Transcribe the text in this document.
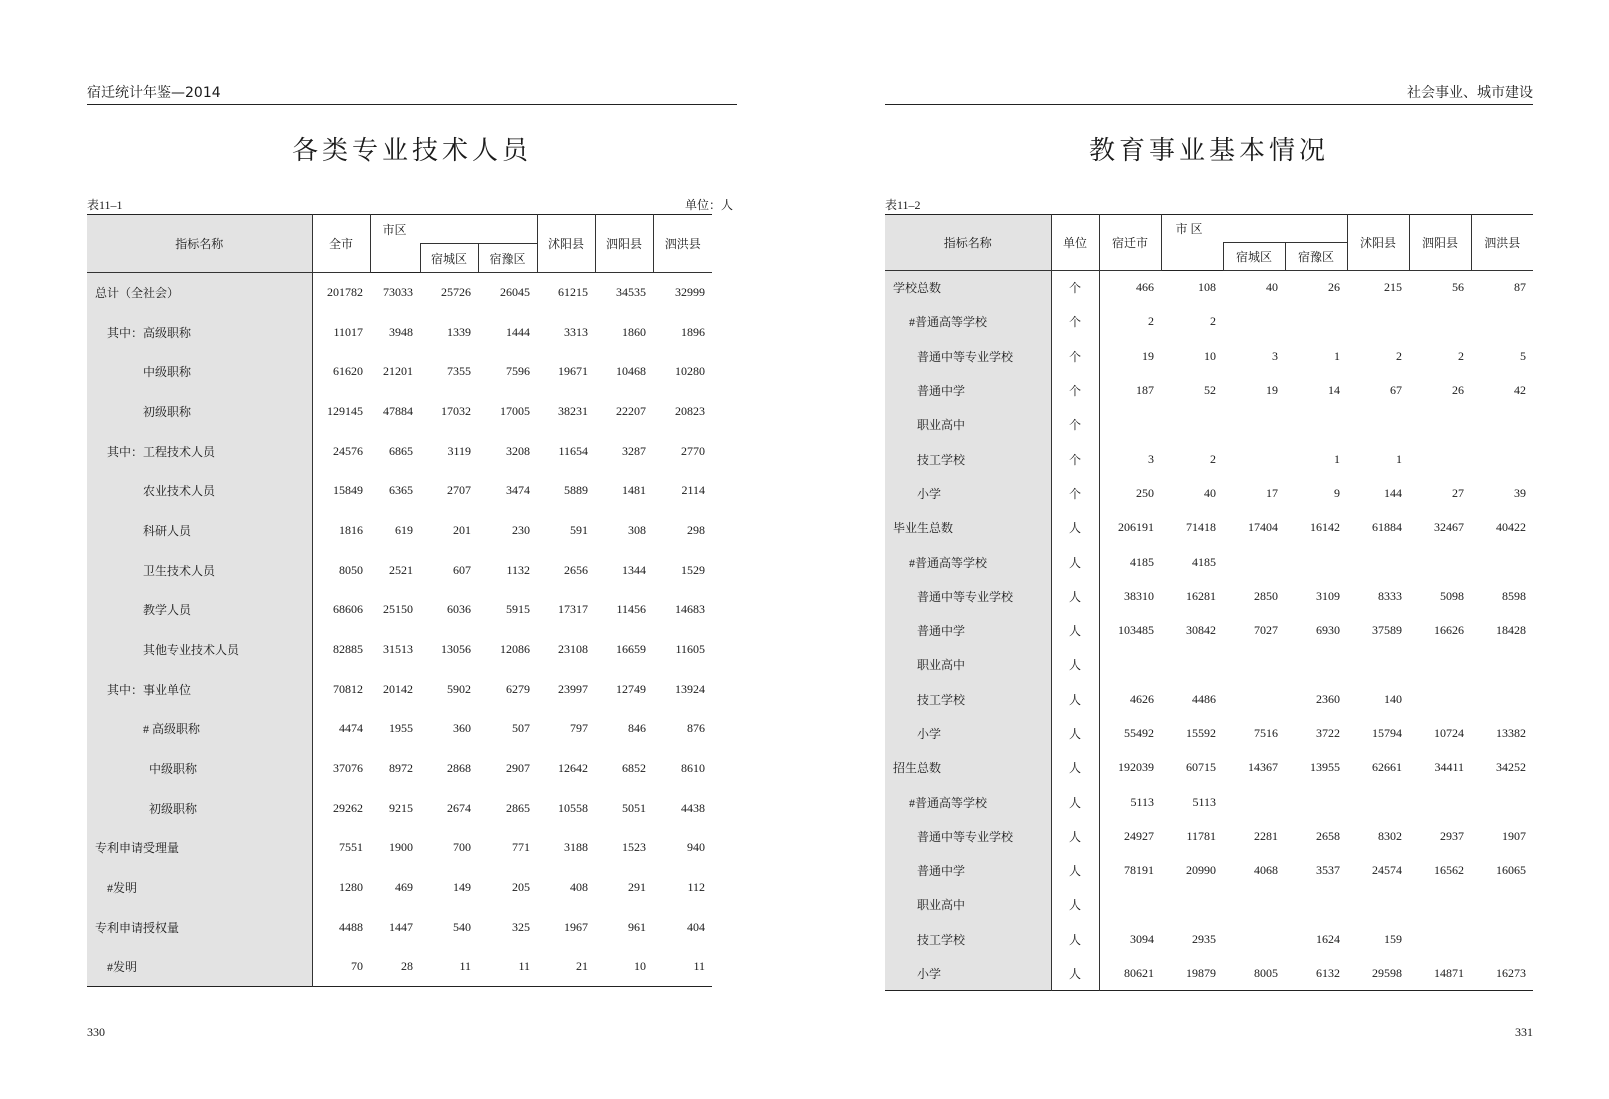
宿迁统计年鉴—2014
各类专业技术人员
表11–1	单位：人
指标名称	全市	市区			沭阳县	泗阳县	泗洪县
			宿城区	宿豫区			
总计（全社会）	201782	73033	25726	26045	61215	34535	32999
其中：高级职称	11017	3948	1339	1444	3313	1860	1896
中级职称	61620	21201	7355	7596	19671	10468	10280
初级职称	129145	47884	17032	17005	38231	22207	20823
其中：工程技术人员	24576	6865	3119	3208	11654	3287	2770
农业技术人员	15849	6365	2707	3474	5889	1481	2114
科研人员	1816	619	201	230	591	308	298
卫生技术人员	8050	2521	607	1132	2656	1344	1529
教学人员	68606	25150	6036	5915	17317	11456	14683
其他专业技术人员	82885	31513	13056	12086	23108	16659	11605
其中：事业单位	70812	20142	5902	6279	23997	12749	13924
# 高级职称	4474	1955	360	507	797	846	876
中级职称	37076	8972	2868	2907	12642	6852	8610
初级职称	29262	9215	2674	2865	10558	5051	4438
专利申请受理量	7551	1900	700	771	3188	1523	940
#发明	1280	469	149	205	408	291	112
专利申请授权量	4488	1447	540	325	1967	961	404
#发明	70	28	11	11	21	10	11
330
社会事业、城市建设
教育事业基本情况
表11–2
指标名称	单位	宿迁市	市 区			沭阳县	泗阳县	泗洪县
				宿城区	宿豫区			
学校总数	个	466	108	40	26	215	56	87
#普通高等学校	个	2	2					
普通中等专业学校	个	19	10	3	1	2	2	5
普通中学	个	187	52	19	14	67	26	42
职业高中	个							
技工学校	个	3	2		1	1		
小学	个	250	40	17	9	144	27	39
毕业生总数	人	206191	71418	17404	16142	61884	32467	40422
#普通高等学校	人	4185	4185					
普通中等专业学校	人	38310	16281	2850	3109	8333	5098	8598
普通中学	人	103485	30842	7027	6930	37589	16626	18428
职业高中	人							
技工学校	人	4626	4486		2360	140		
小学	人	55492	15592	7516	3722	15794	10724	13382
招生总数	人	192039	60715	14367	13955	62661	34411	34252
#普通高等学校	人	5113	5113					
普通中等专业学校	人	24927	11781	2281	2658	8302	2937	1907
普通中学	人	78191	20990	4068	3537	24574	16562	16065
职业高中	人							
技工学校	人	3094	2935		1624	159		
小学	人	80621	19879	8005	6132	29598	14871	16273
331
